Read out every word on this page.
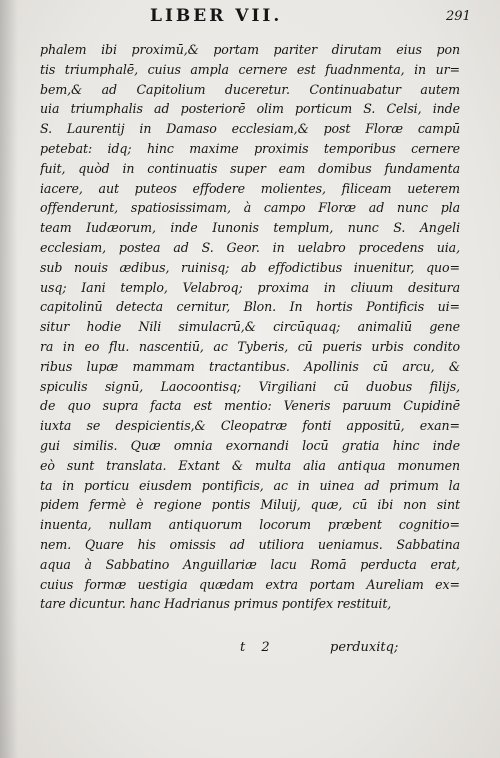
LIBER VII.	291
phalem ibi proximū,& portam pariter dirutam eius pon
tis triumphalē, cuius ampla cernere est fuadnmenta, in ur=
bem,& ad Capitolium duceretur. Continuabatur autem
uia triumphalis ad posteriorē olim porticum S. Celsi, inde
S. Laurentij in Damaso ecclesiam,& post Floræ campū
petebat: idq; hinc maxime proximis temporibus cernere
fuit, quòd in continuatis super eam domibus fundamenta
iacere, aut puteos effodere molientes, filiceam ueterem
offenderunt, spatiosissimam, à campo Floræ ad nunc pla
team Iudæorum, inde Iunonis templum, nunc S. Angeli
ecclesiam, postea ad S. Geor. in uelabro procedens uia,
sub nouis ædibus, ruinisq; ab effodictibus inuenitur, quo=
usq; Iani templo, Velabroq; proxima in cliuum desitura
capitolinū detecta cernitur, Blon. In hortis Pontificis ui=
situr hodie Nili simulacrū,& circūquaq; animaliū gene
ra in eo flu. nascentiū, ac Tyberis, cū pueris urbis condito
ribus lupæ mammam tractantibus. Apollinis cū arcu, &
spiculis signū, Laocoontisq; Virgiliani cū duobus filijs,
de quo supra facta est mentio: Veneris paruum Cupidinē
iuxta se despicientis,& Cleopatræ fonti appositū, exan=
gui similis. Quæ omnia exornandi locū gratia hinc inde
eò sunt translata. Extant & multa alia antiqua monumen
ta in porticu eiusdem pontificis, ac in uinea ad primum la
pidem fermè è regione pontis Miluij, quæ, cū ibi non sint
inuenta, nullam antiquorum locorum præbent cognitio=
nem. Quare his omissis ad utiliora ueniamus. Sabbatina
aqua à Sabbatino Anguillariæ lacu Romā perducta erat,
cuius formæ uestigia quædam extra portam Aureliam ex=
tare dicuntur. hanc Hadrianus primus pontifex restituit,
t 2	perduxitq;
